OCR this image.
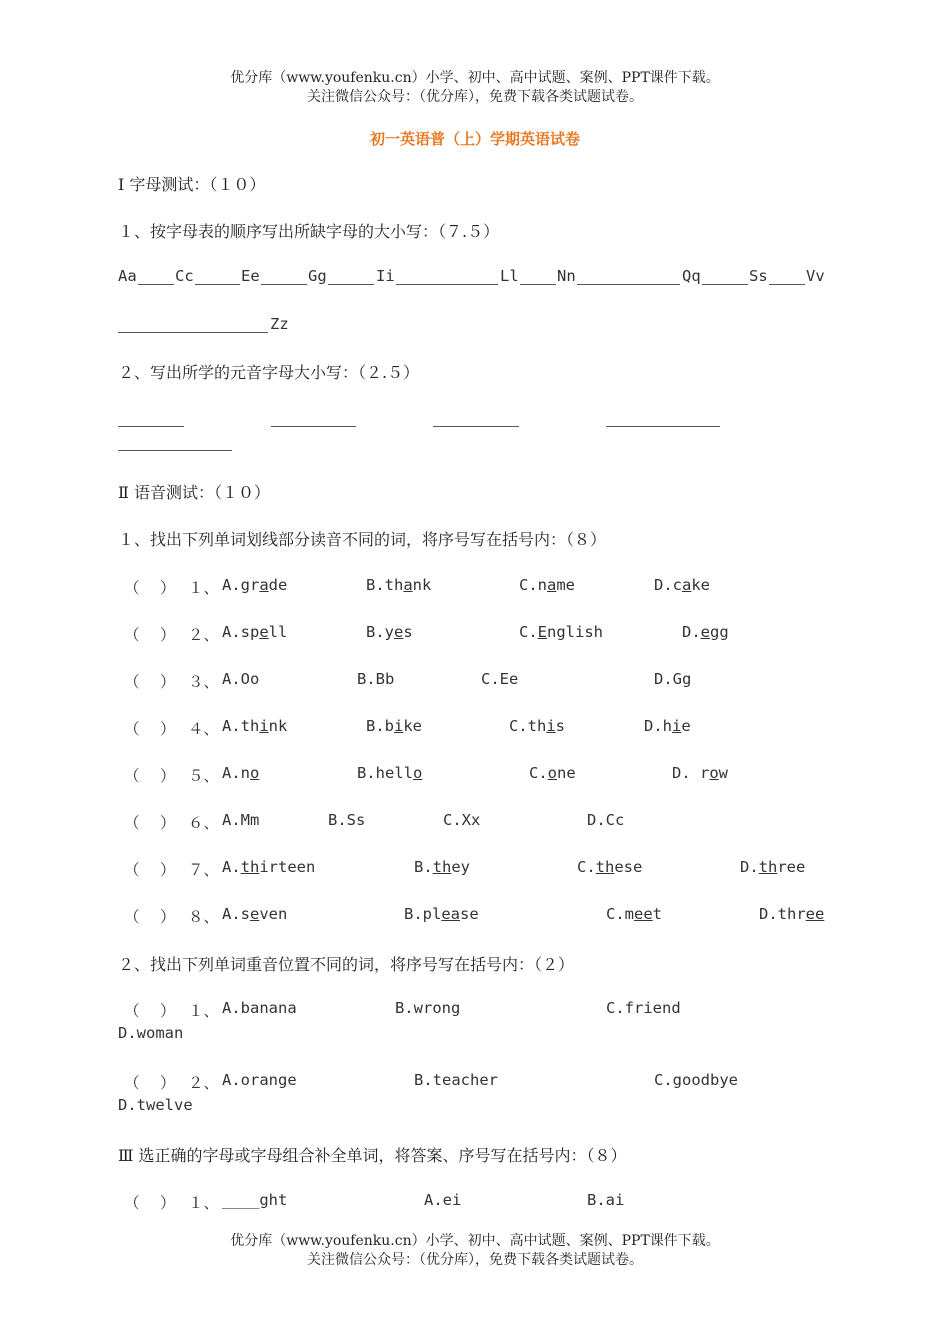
优分库（www.youfenku.cn）小学、初中、高中试题、案例、PPT课件下载。
关注微信公众号：（优分库），免费下载各类试题试卷。
初一英语普（上）学期英语试卷
Ⅰ 字母测试：（１０）
１、按字母表的顺序写出所缺字母的大小写：（７.５）
Aa Cc	Ee	Gg	Ii	Ll Nn	Qq	Ss Vv
Zz
２、写出所学的元音字母大小写：（２.５）
Ⅱ 语音测试：（１０）
１、找出下列单词划线部分读音不同的词，将序号写在括号内：（８）
（ ） １、 A.grade	B.thank	C.name	D.cake
（ ） ２、 A.spell	B.yes	C.English	D.egg
（ ） ３、 A.Oo	B.Bb	C.Ee	D.Gg
（ ） ４、 A.think	B.bike	C.this	D.hie
（ ） ５、 A.no	B.hello	C.one	D. row
（ ） ６、 A.Mm	B.Ss	C.Xx	D.Cc
（ ） ７、 A.thirteen	B.they	C.these	D.three
（ ） ８、 A.seven	B.please	C.meet	D.three
２、找出下列单词重音位置不同的词，将序号写在括号内：（２）
（ ） １、 A.banana	B.wrong	C.friend
D.woman
（ ） ２、 A.orange	B.teacher	C.goodbye
D.twelve
Ⅲ 选正确的字母或字母组合补全单词，将答案、序号写在括号内：（８）
（ ） １、 ____ght	A.ei	B.ai
优分库（www.youfenku.cn）小学、初中、高中试题、案例、PPT课件下载。
关注微信公众号：（优分库），免费下载各类试题试卷。
